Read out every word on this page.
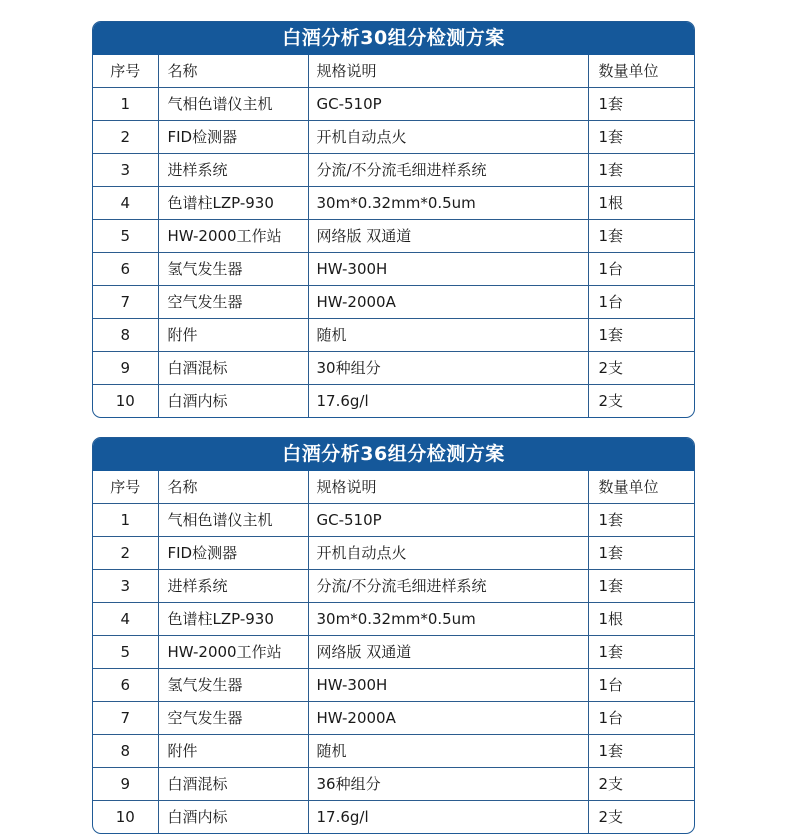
白酒分析30组分检测方案
序号	名称	规格说明	数量单位
1	气相色谱仪主机	GC-510P	1套
2	FID检测器	开机自动点火	1套
3	进样系统	分流/不分流毛细进样系统	1套
4	色谱柱LZP-930	30m*0.32mm*0.5um	1根
5	HW-2000工作站	网络版 双通道	1套
6	氢气发生器	HW-300H	1台
7	空气发生器	HW-2000A	1台
8	附件	随机	1套
9	白酒混标	30种组分	2支
10	白酒内标	17.6g/l	2支
白酒分析36组分检测方案
序号	名称	规格说明	数量单位
1	气相色谱仪主机	GC-510P	1套
2	FID检测器	开机自动点火	1套
3	进样系统	分流/不分流毛细进样系统	1套
4	色谱柱LZP-930	30m*0.32mm*0.5um	1根
5	HW-2000工作站	网络版 双通道	1套
6	氢气发生器	HW-300H	1台
7	空气发生器	HW-2000A	1台
8	附件	随机	1套
9	白酒混标	36种组分	2支
10	白酒内标	17.6g/l	2支
